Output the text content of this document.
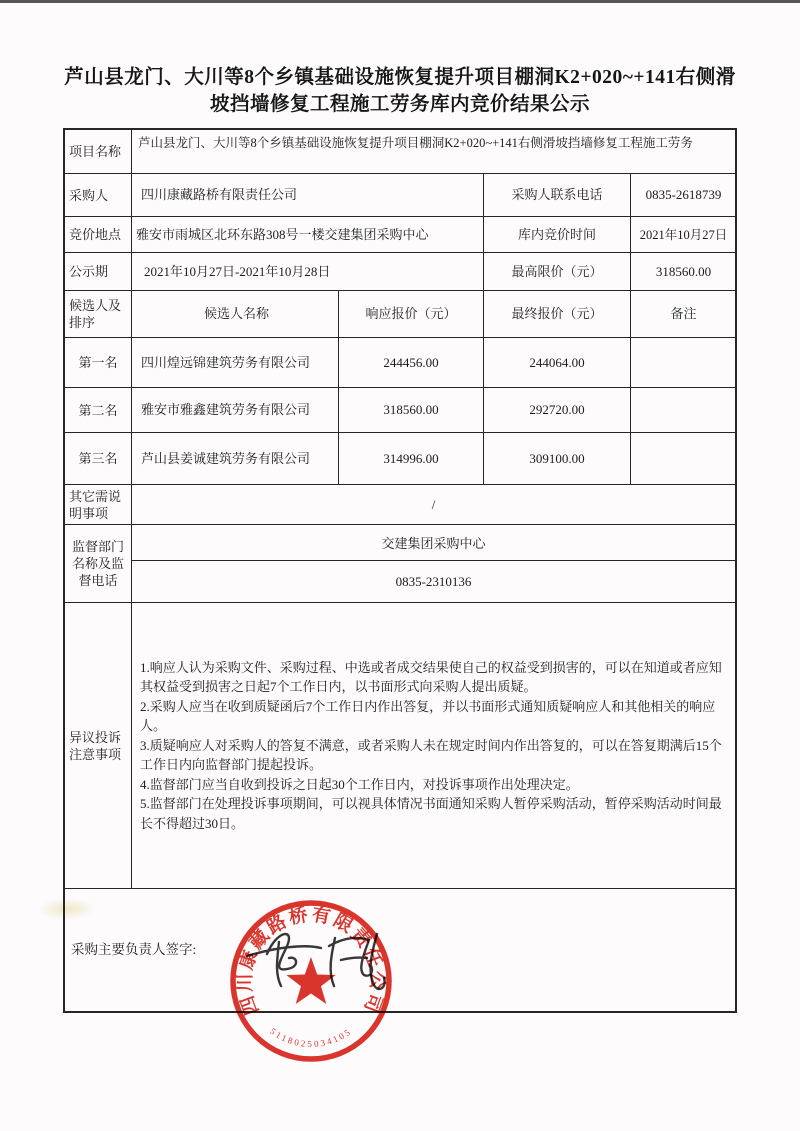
芦山县龙门、大川等8个乡镇基础设施恢复提升项目棚洞K2+020~+141右侧滑
坡挡墙修复工程施工劳务库内竞价结果公示
项目名称
芦山县龙门、大川等8个乡镇基础设施恢复提升项目棚洞K2+020~+141右侧滑坡挡墙修复工程施工劳务
采购人	四川康藏路桥有限责任公司	采购人联系电话	0835-2618739
竞价地点	雅安市雨城区北环东路308号一楼交建集团采购中心	库内竞价时间	2021年10月27日
公示期	2021年10月27日-2021年10月28日	最高限价（元）	318560.00
候选人及排序
候选人名称	响应报价（元）	最终报价（元）	备注
第一名	四川煌远锦建筑劳务有限公司	244456.00	244064.00
第二名	雅安市雅鑫建筑劳务有限公司	318560.00	292720.00
第三名	芦山县姜诚建筑劳务有限公司	314996.00	309100.00
其它需说明事项
/
监督部门名称及监督电话
交建集团采购中心
0835-2310136
异议投诉注意事项

1.响应人认为采购文件、采购过程、中选或者成交结果使自己的权益受到损害的，可以在知道或者应知其权益受到损害之日起7个工作日内，以书面形式向采购人提出质疑。

2.采购人应当在收到质疑函后7个工作日内作出答复，并以书面形式通知质疑响应人和其他相关的响应人。

3.质疑响应人对采购人的答复不满意，或者采购人未在规定时间内作出答复的，可以在答复期满后15个工作日内向监督部门提起投诉。

4.监督部门应当自收到投诉之日起30个工作日内，对投诉事项作出处理决定。

5.监督部门在处理投诉事项期间，可以视具体情况书面通知采购人暂停采购活动，暂停采购活动时间最长不得超过30日。

采购主要负责人签字:
四川康藏路桥有限责任公司
5118025034105
